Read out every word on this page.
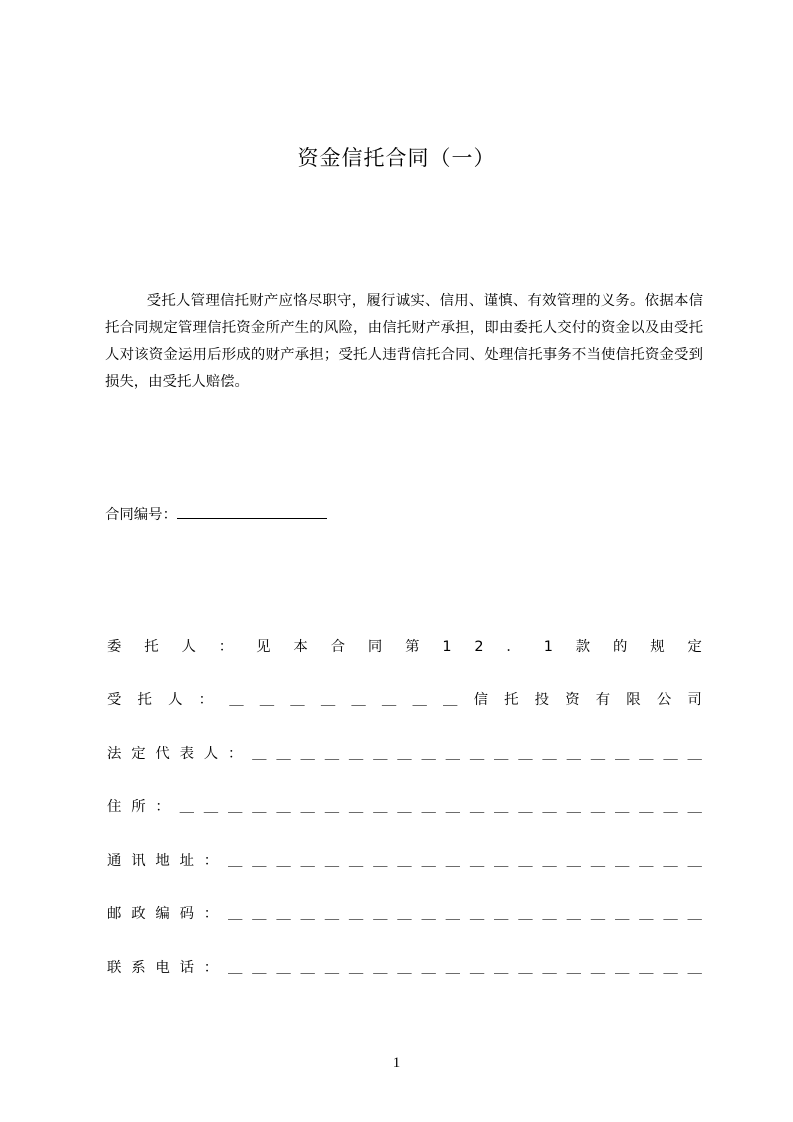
资金信托合同（一）
受托人管理信托财产应恪尽职守，履行诚实、信用、谨慎、有效管理的义务。依据本信托合同规定管理信托资金所产生的风险，由信托财产承担，即由委托人交付的资金以及由受托人对该资金运用后形成的财产承担；受托人违背信托合同、处理信托事务不当使信托资金受到损失，由受托人赔偿。
合同编号：
委 托 人 ： 见 本 合 同 第 1 2 ． 1 款 的 规 定
受 托 人 ： ＿ ＿ ＿ ＿ ＿ ＿ ＿ ＿ 信 托 投 资 有 限 公 司
法 定 代 表 人 ： ＿ ＿ ＿ ＿ ＿ ＿ ＿ ＿ ＿ ＿ ＿ ＿ ＿ ＿ ＿ ＿ ＿ ＿ ＿
住 所 ： ＿ ＿ ＿ ＿ ＿ ＿ ＿ ＿ ＿ ＿ ＿ ＿ ＿ ＿ ＿ ＿ ＿ ＿ ＿ ＿ ＿ ＿
通 讯 地 址 ： ＿ ＿ ＿ ＿ ＿ ＿ ＿ ＿ ＿ ＿ ＿ ＿ ＿ ＿ ＿ ＿ ＿ ＿ ＿ ＿
邮 政 编 码 ： ＿ ＿ ＿ ＿ ＿ ＿ ＿ ＿ ＿ ＿ ＿ ＿ ＿ ＿ ＿ ＿ ＿ ＿ ＿ ＿
联 系 电 话 ： ＿ ＿ ＿ ＿ ＿ ＿ ＿ ＿ ＿ ＿ ＿ ＿ ＿ ＿ ＿ ＿ ＿ ＿ ＿ ＿
1
